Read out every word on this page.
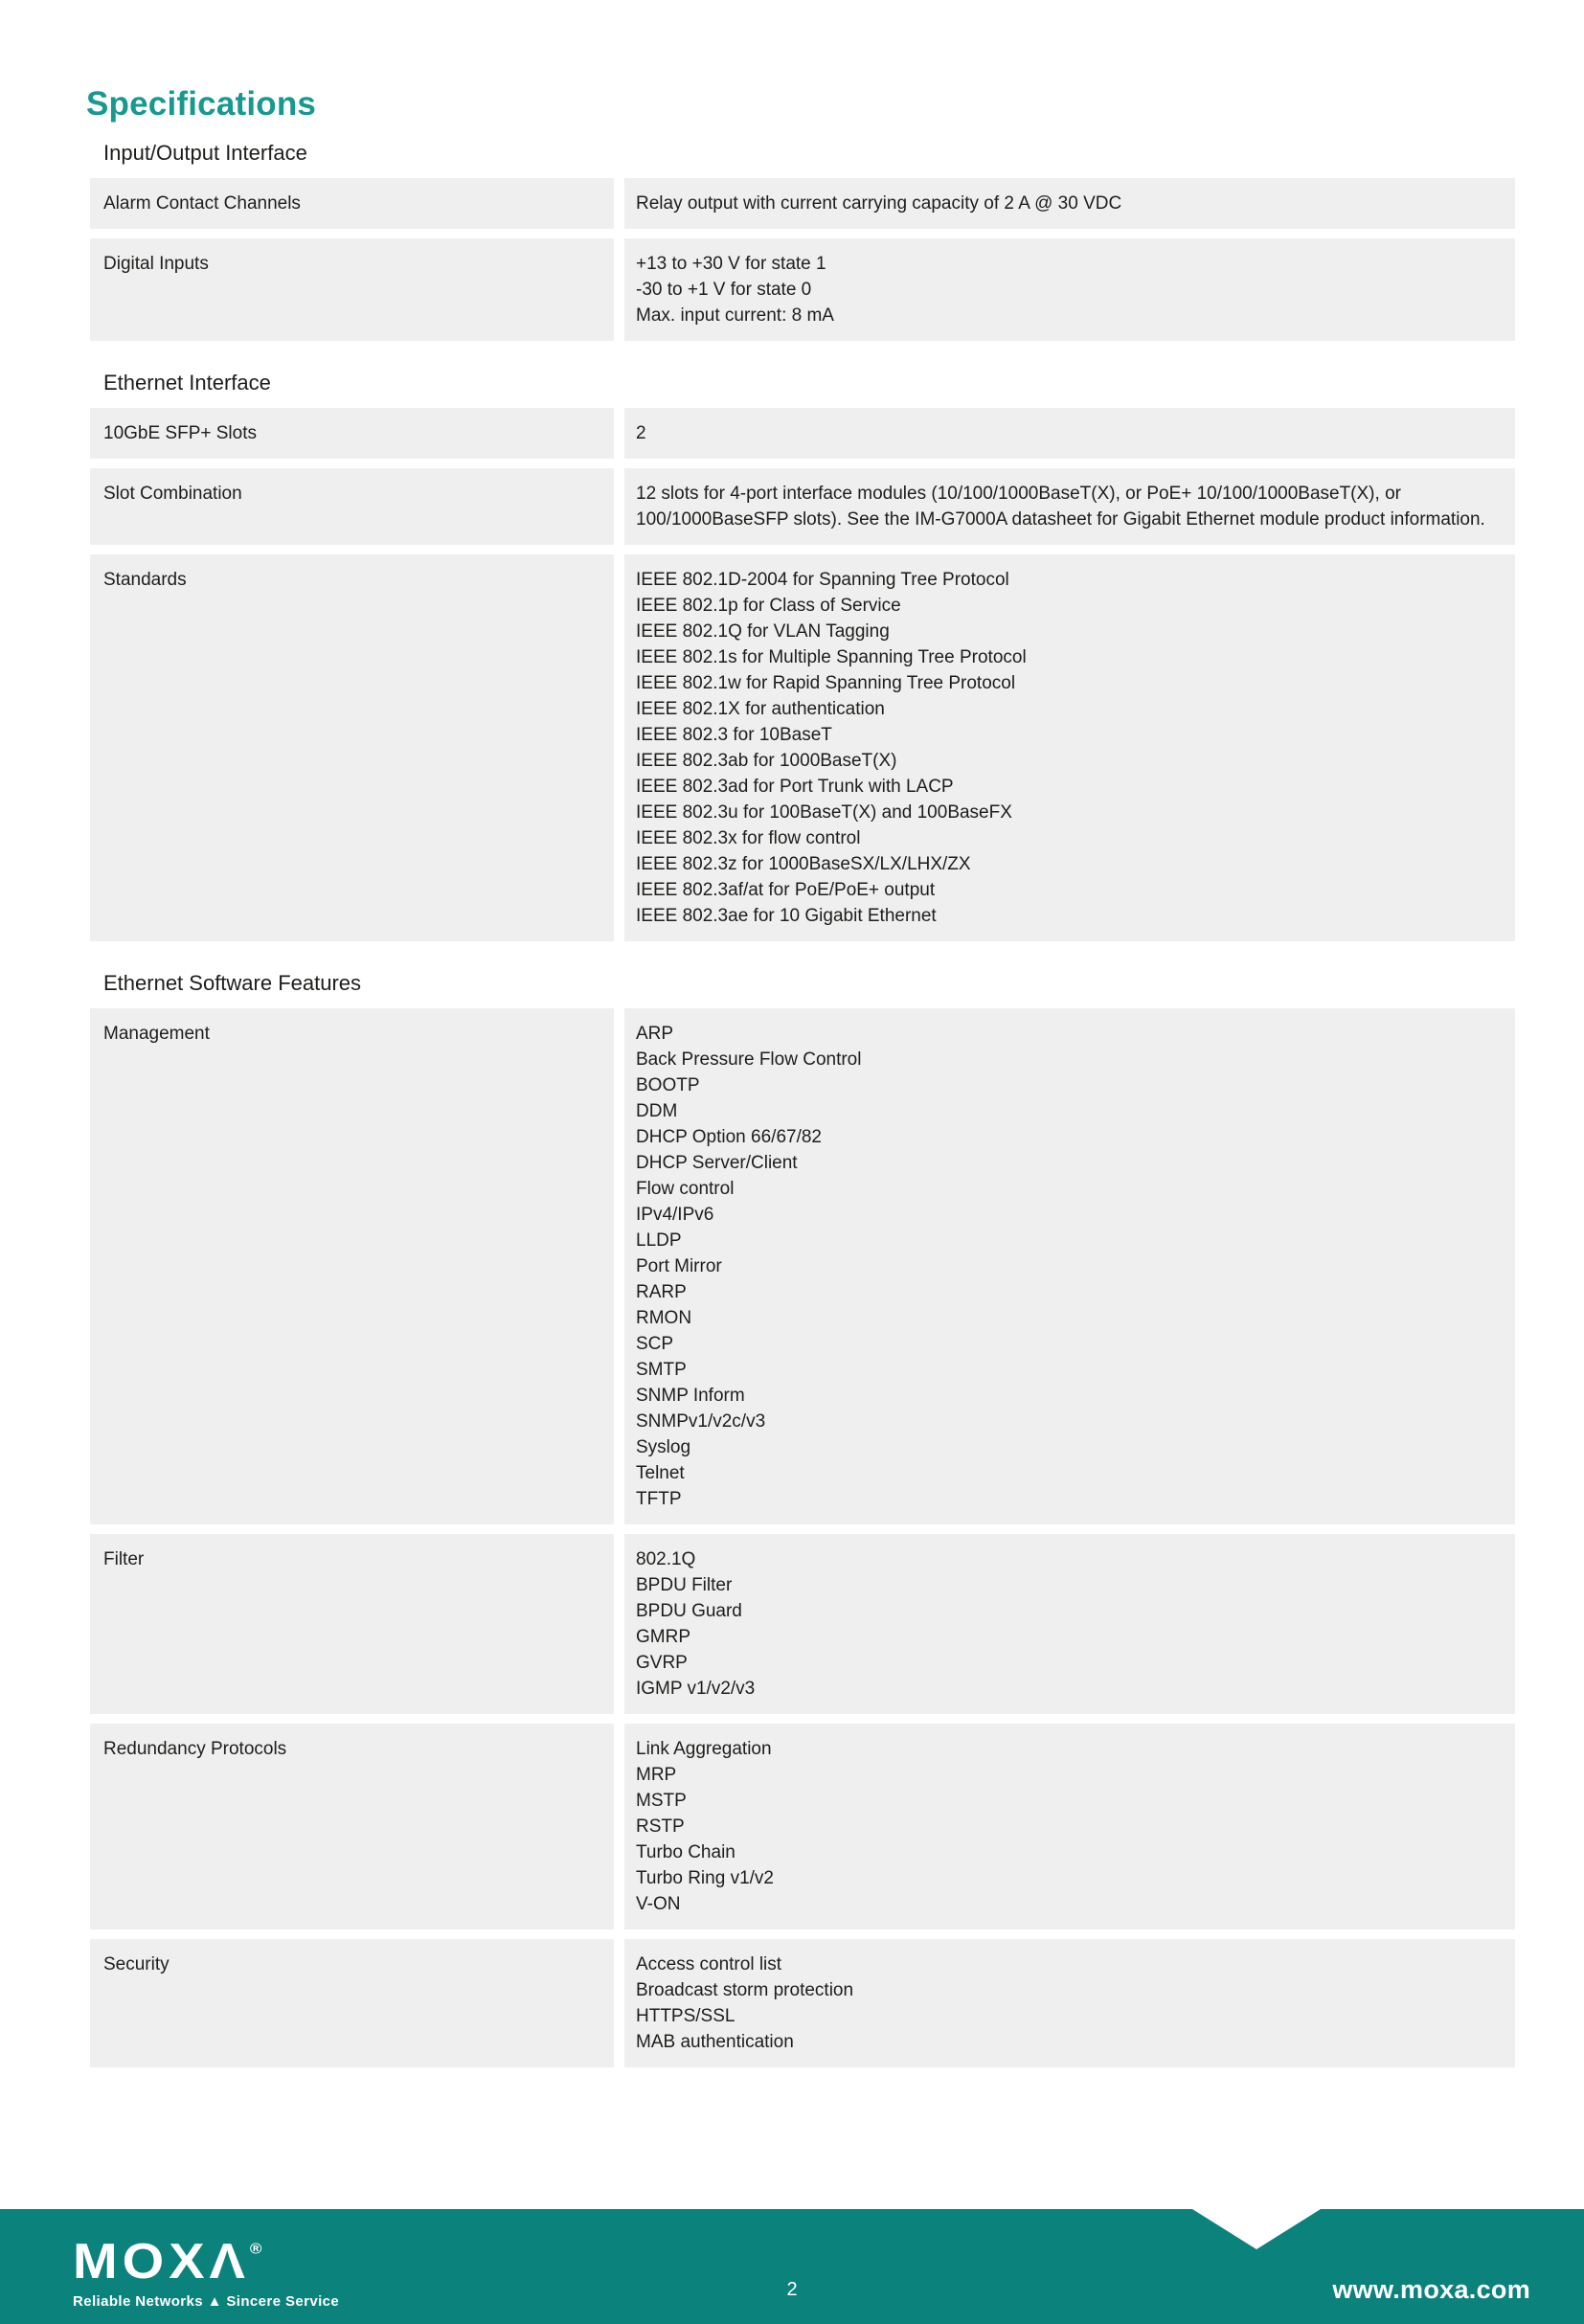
Specifications
Input/Output Interface
Alarm Contact Channels	Relay output with current carrying capacity of 2 A @ 30 VDC
Digital Inputs	+13 to +30 V for state 1
-30 to +1 V for state 0
Max. input current: 8 mA
Ethernet Interface
10GbE SFP+ Slots	2
Slot Combination	12 slots for 4-port interface modules (10/100/1000BaseT(X), or PoE+ 10/100/1000BaseT(X), or 100/1000BaseSFP slots). See the IM-G7000A datasheet for Gigabit Ethernet module product information.
Standards	IEEE 802.1D-2004 for Spanning Tree Protocol
IEEE 802.1p for Class of Service
IEEE 802.1Q for VLAN Tagging
IEEE 802.1s for Multiple Spanning Tree Protocol
IEEE 802.1w for Rapid Spanning Tree Protocol
IEEE 802.1X for authentication
IEEE 802.3 for 10BaseT
IEEE 802.3ab for 1000BaseT(X)
IEEE 802.3ad for Port Trunk with LACP
IEEE 802.3u for 100BaseT(X) and 100BaseFX
IEEE 802.3x for flow control
IEEE 802.3z for 1000BaseSX/LX/LHX/ZX
IEEE 802.3af/at for PoE/PoE+ output
IEEE 802.3ae for 10 Gigabit Ethernet
Ethernet Software Features
Management	ARP
Back Pressure Flow Control
BOOTP
DDM
DHCP Option 66/67/82
DHCP Server/Client
Flow control
IPv4/IPv6
LLDP
Port Mirror
RARP
RMON
SCP
SMTP
SNMP Inform
SNMPv1/v2c/v3
Syslog
Telnet
TFTP
Filter	802.1Q
BPDU Filter
BPDU Guard
GMRP
GVRP
IGMP v1/v2/v3
Redundancy Protocols	Link Aggregation
MRP
MSTP
RSTP
Turbo Chain
Turbo Ring v1/v2
V-ON
Security	Access control list
Broadcast storm protection
HTTPS/SSL
MAB authentication
MOXΛ®
Reliable Networks ▲ Sincere Service
2	www.moxa.com
